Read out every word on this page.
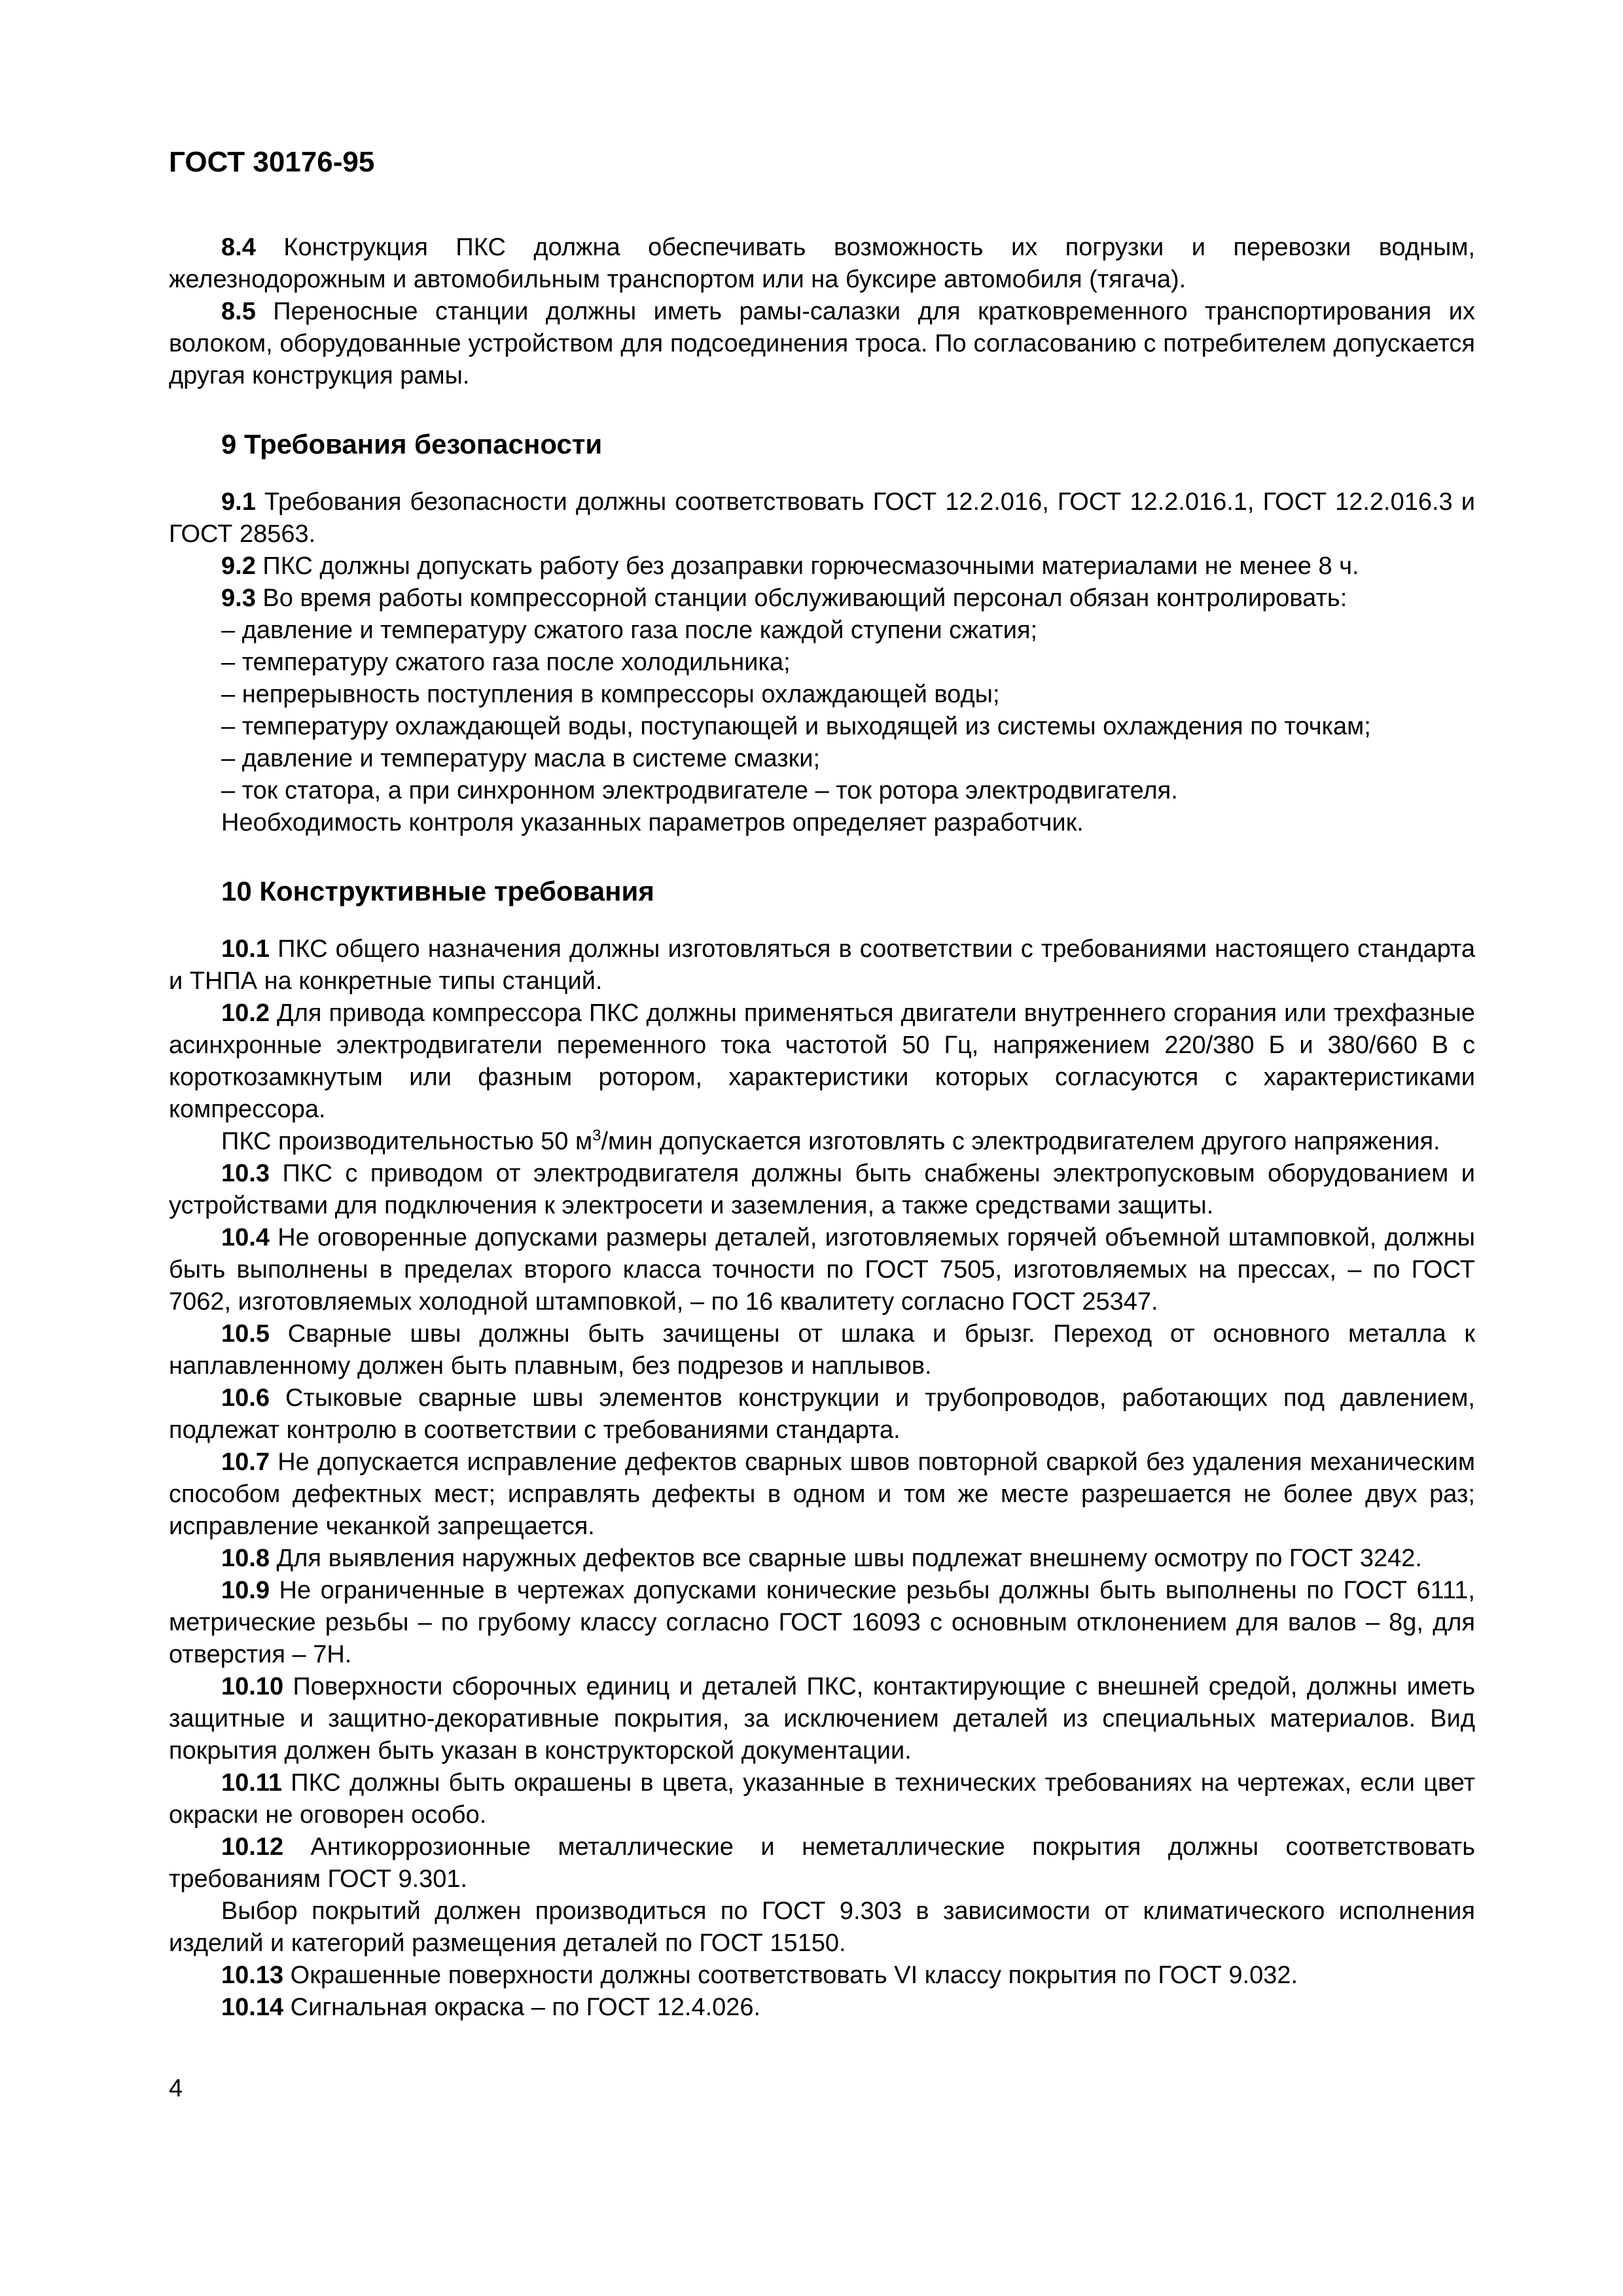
ГОСТ 30176-95

8.4 Конструкция ПКС должна обеспечивать возможность их погрузки и перевозки водным, железнодорожным и автомобильным транспортом или на буксире автомобиля (тягача).

8.5 Переносные станции должны иметь рамы-салазки для кратковременного транспортирования их волоком, оборудованные устройством для подсоединения троса. По согласованию с потребителем допускается другая конструкция рамы.

9 Требования безопасности

9.1 Требования безопасности должны соответствовать ГОСТ 12.2.016, ГОСТ 12.2.016.1, ГОСТ 12.2.016.3 и ГОСТ 28563.

9.2 ПКС должны допускать работу без дозаправки горючесмазочными материалами не менее 8 ч.

9.3 Во время работы компрессорной станции обслуживающий персонал обязан контролировать:

– давление и температуру сжатого газа после каждой ступени сжатия;
– температуру сжатого газа после холодильника;
– непрерывность поступления в компрессоры охлаждающей воды;
– температуру охлаждающей воды, поступающей и выходящей из системы охлаждения по точкам;
– давление и температуру масла в системе смазки;
– ток статора, а при синхронном электродвигателе – ток ротора электродвигателя.
Необходимость контроля указанных параметров определяет разработчик.
10 Конструктивные требования

10.1 ПКС общего назначения должны изготовляться в соответствии с требованиями настоящего стандарта и ТНПА на конкретные типы станций.

10.2 Для привода компрессора ПКС должны применяться двигатели внутреннего сгорания или трехфазные асинхронные электродвигатели переменного тока частотой 50 Гц, напряжением 220/380 Б и 380/660 В с короткозамкнутым или фазным ротором, характеристики которых согласуются с характеристиками компрессора.

ПКС производительностью 50 $м^3$/мин допускается изготовлять с электродвигателем другого напряжения.

10.3 ПКС с приводом от электродвигателя должны быть снабжены электропусковым оборудованием и устройствами для подключения к электросети и заземления, а также средствами защиты.

10.4 Не оговоренные допусками размеры деталей, изготовляемых горячей объемной штамповкой, должны быть выполнены в пределах второго класса точности по ГОСТ 7505, изготовляемых на прессах, – по ГОСТ 7062, изготовляемых холодной штамповкой, – по 16 квалитету согласно ГОСТ 25347.

10.5 Сварные швы должны быть зачищены от шлака и брызг. Переход от основного металла к наплавленному должен быть плавным, без подрезов и наплывов.

10.6 Стыковые сварные швы элементов конструкции и трубопроводов, работающих под давлением, подлежат контролю в соответствии с требованиями стандарта.

10.7 Не допускается исправление дефектов сварных швов повторной сваркой без удаления механическим способом дефектных мест; исправлять дефекты в одном и том же месте разрешается не более двух раз; исправление чеканкой запрещается.

10.8 Для выявления наружных дефектов все сварные швы подлежат внешнему осмотру по ГОСТ 3242.

10.9 Не ограниченные в чертежах допусками конические резьбы должны быть выполнены по ГОСТ 6111, метрические резьбы – по грубому классу согласно ГОСТ 16093 с основным отклонением для валов – 8g, для отверстия – 7H.

10.10 Поверхности сборочных единиц и деталей ПКС, контактирующие с внешней средой, должны иметь защитные и защитно-декоративные покрытия, за исключением деталей из специальных материалов. Вид покрытия должен быть указан в конструкторской документации.

10.11 ПКС должны быть окрашены в цвета, указанные в технических требованиях на чертежах, если цвет окраски не оговорен особо.

10.12 Антикоррозионные металлические и неметаллические покрытия должны соответствовать требованиям ГОСТ 9.301.

Выбор покрытий должен производиться по ГОСТ 9.303 в зависимости от климатического исполнения изделий и категорий размещения деталей по ГОСТ 15150.

10.13 Окрашенные поверхности должны соответствовать VI классу покрытия по ГОСТ 9.032.

10.14 Сигнальная окраска – по ГОСТ 12.4.026.

4
